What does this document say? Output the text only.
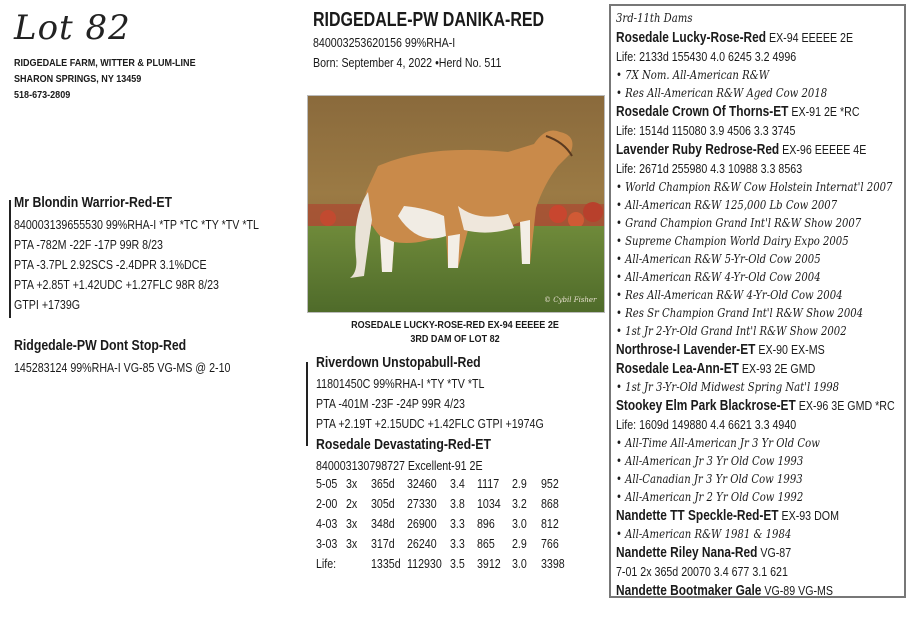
Lot 82
RIDGEDALE FARM, WITTER & PLUM-LINE
SHARON SPRINGS, NY 13459
518-673-2809
Mr Blondin Warrior-Red-ET
840003139655530 99%RHA-I *TP *TC *TY *TV *TL
PTA -782M -22F -17P 99R 8/23
PTA -3.7PL 2.92SCS -2.4DPR 3.1%DCE
PTA +2.85T +1.42UDC +1.27FLC 98R 8/23
GTPI +1739G
Ridgedale-PW Dont Stop-Red
145283124 99%RHA-I VG-85 VG-MS @ 2-10
RIDGEDALE-PW DANIKA-RED
840003253620156 99%RHA-I
Born: September 4, 2022 •Herd No. 511
© Cybil Fisher
ROSEDALE LUCKY-ROSE-RED EX-94 EEEEE 2E
3RD DAM OF LOT 82
Riverdown Unstopabull-Red
11801450C 99%RHA-I *TY *TV *TL
PTA -401M -23F -24P 99R 4/23
PTA +2.19T +2.15UDC +1.42FLC GTPI +1974G
Rosedale Devastating-Red-ET
840003130798727 Excellent-91 2E
5-05 3x 365d 32460 3.4 1117 2.9 952
2-00 2x 305d 27330 3.8 1034 3.2 868
4-03 3x 348d 26900 3.3 896 3.0 812
3-03 3x 317d 26240 3.3 865 2.9 766
Life:	1335d 112930 3.5 3912 3.0 3398
3rd-11th Dams
Rosedale Lucky-Rose-Red EX-94 EEEEE 2E
Life: 2133d 155430 4.0 6245 3.2 4996
• 7X Nom. All-American R&W
• Res All-American R&W Aged Cow 2018
Rosedale Crown Of Thorns-ET EX-91 2E *RC
Life: 1514d 115080 3.9 4506 3.3 3745
Lavender Ruby Redrose-Red EX-96 EEEEE 4E
Life: 2671d 255980 4.3 10988 3.3 8563
• World Champion R&W Cow Holstein Internat'l 2007
• All-American R&W 125,000 Lb Cow 2007
• Grand Champion Grand Int'l R&W Show 2007
• Supreme Champion World Dairy Expo 2005
• All-American R&W 5-Yr-Old Cow 2005
• All-American R&W 4-Yr-Old Cow 2004
• Res All-American R&W 4-Yr-Old Cow 2004
• Res Sr Champion Grand Int'l R&W Show 2004
• 1st Jr 2-Yr-Old Grand Int'l R&W Show 2002
Northrose-I Lavender-ET EX-90 EX-MS
Rosedale Lea-Ann-ET EX-93 2E GMD
• 1st Jr 3-Yr-Old Midwest Spring Nat'l 1998
Stookey Elm Park Blackrose-ET EX-96 3E GMD *RC
Life: 1609d 149880 4.4 6621 3.3 4940
• All-Time All-American Jr 3 Yr Old Cow
• All-American Jr 3 Yr Old Cow 1993
• All-Canadian Jr 3 Yr Old Cow 1993
• All-American Jr 2 Yr Old Cow 1992
Nandette TT Speckle-Red-ET EX-93 DOM
• All-American R&W 1981 & 1984
Nandette Riley Nana-Red VG-87
7-01 2x 365d 20070 3.4 677 3.1 621
Nandette Bootmaker Gale VG-89 VG-MS
